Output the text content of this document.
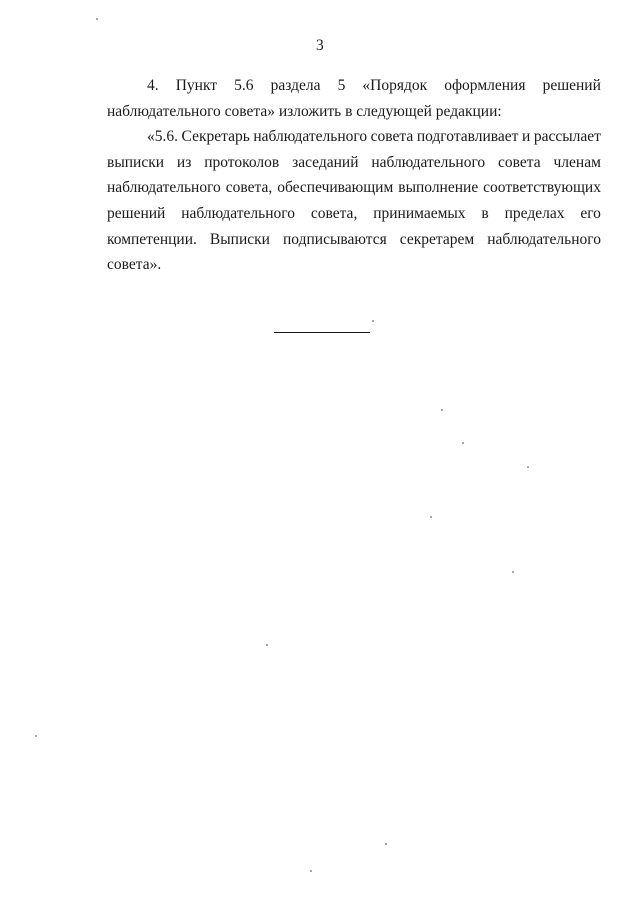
3
4. Пункт 5.6 раздела 5 «Порядок оформления решений

наблюдательного совета» изложить в следующей редакции:

«5.6. Секретарь наблюдательного совета подготавливает и рассылает
выписки из протоколов заседаний наблюдательного совета членам
наблюдательного совета, обеспечивающим выполнение соответствующих
решений наблюдательного совета, принимаемых в пределах его
компетенции. Выписки подписываются секретарем наблюдательного

совета».
